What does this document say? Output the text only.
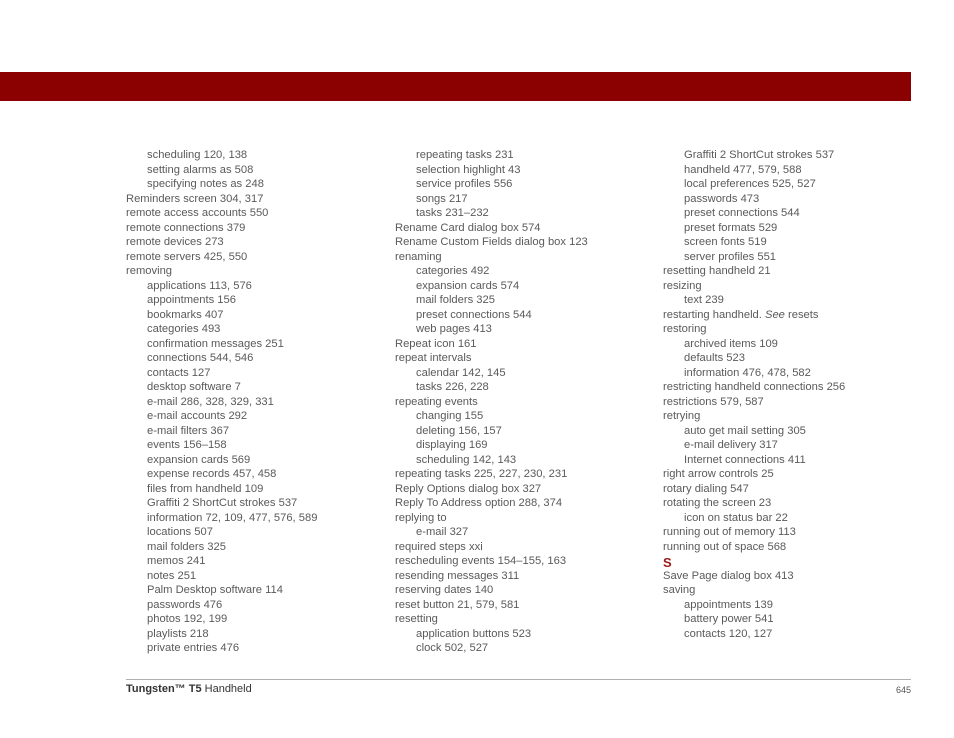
scheduling 120, 138
setting alarms as 508
specifying notes as 248
Reminders screen 304, 317
remote access accounts 550
remote connections 379
remote devices 273
remote servers 425, 550
removing
applications 113, 576
appointments 156
bookmarks 407
categories 493
confirmation messages 251
connections 544, 546
contacts 127
desktop software 7
e-mail 286, 328, 329, 331
e-mail accounts 292
e-mail filters 367
events 156–158
expansion cards 569
expense records 457, 458
files from handheld 109
Graffiti 2 ShortCut strokes 537
information 72, 109, 477, 576, 589
locations 507
mail folders 325
memos 241
notes 251
Palm Desktop software 114
passwords 476
photos 192, 199
playlists 218
private entries 476
repeating tasks 231
selection highlight 43
service profiles 556
songs 217
tasks 231–232
Rename Card dialog box 574
Rename Custom Fields dialog box 123
renaming
categories 492
expansion cards 574
mail folders 325
preset connections 544
web pages 413
Repeat icon 161
repeat intervals
calendar 142, 145
tasks 226, 228
repeating events
changing 155
deleting 156, 157
displaying 169
scheduling 142, 143
repeating tasks 225, 227, 230, 231
Reply Options dialog box 327
Reply To Address option 288, 374
replying to
e-mail 327
required steps xxi
rescheduling events 154–155, 163
resending messages 311
reserving dates 140
reset button 21, 579, 581
resetting
application buttons 523
clock 502, 527
Graffiti 2 ShortCut strokes 537
handheld 477, 579, 588
local preferences 525, 527
passwords 473
preset connections 544
preset formats 529
screen fonts 519
server profiles 551
resetting handheld 21
resizing
text 239
restarting handheld. See resets
restoring
archived items 109
defaults 523
information 476, 478, 582
restricting handheld connections 256
restrictions 579, 587
retrying
auto get mail setting 305
e-mail delivery 317
Internet connections 411
right arrow controls 25
rotary dialing 547
rotating the screen 23
icon on status bar 22
running out of memory 113
running out of space 568
S
Save Page dialog box 413
saving
appointments 139
battery power 541
contacts 120, 127
Tungsten™ T5 Handheld	645
